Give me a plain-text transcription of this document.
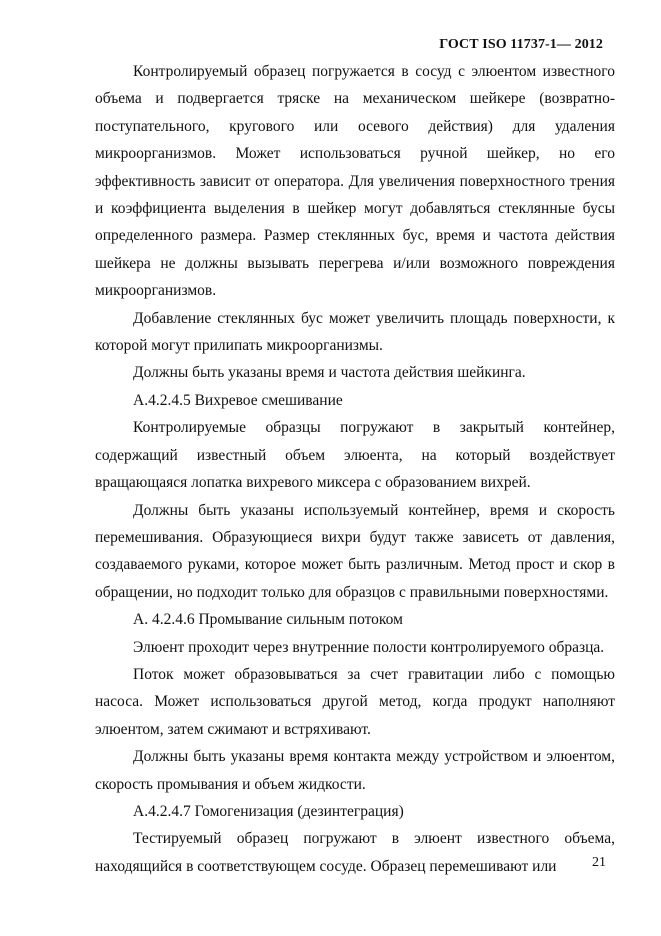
ГОСТ ISO 11737-1— 2012

Контролируемый образец погружается в сосуд с элюентом известного объема и подвергается тряске на механическом шейкере (возвратно-поступательного, кругового или осевого действия) для удаления микроорганизмов. Может использоваться ручной шейкер, но его эффективность зависит от оператора. Для увеличения поверхностного трения и коэффициента выделения в шейкер могут добавляться стеклянные бусы определенного размера. Размер стеклянных бус, время и частота действия шейкера не должны вызывать перегрева и/или возможного повреждения микроорганизмов.

Добавление стеклянных бус может увеличить площадь поверхности, к которой могут прилипать микроорганизмы.

Должны быть указаны время и частота действия шейкинга.

А.4.2.4.5 Вихревое смешивание

Контролируемые образцы погружают в закрытый контейнер, содержащий известный объем элюента, на который воздействует вращающаяся лопатка вихревого миксера с образованием вихрей.

Должны быть указаны используемый контейнер, время и скорость перемешивания. Образующиеся вихри будут также зависеть от давления, создаваемого руками, которое может быть различным. Метод прост и скор в обращении, но подходит только для образцов с правильными поверхностями.

А. 4.2.4.6 Промывание сильным потоком

Элюент проходит через внутренние полости контролируемого образца.

Поток может образовываться за счет гравитации либо с помощью насоса. Может использоваться другой метод, когда продукт наполняют элюентом, затем сжимают и встряхивают.

Должны быть указаны время контакта между устройством и элюентом, скорость промывания и объем жидкости.

А.4.2.4.7 Гомогенизация (дезинтеграция)

Тестируемый образец погружают в элюент известного объема, находящийся в соответствующем сосуде. Образец перемешивают или	21
